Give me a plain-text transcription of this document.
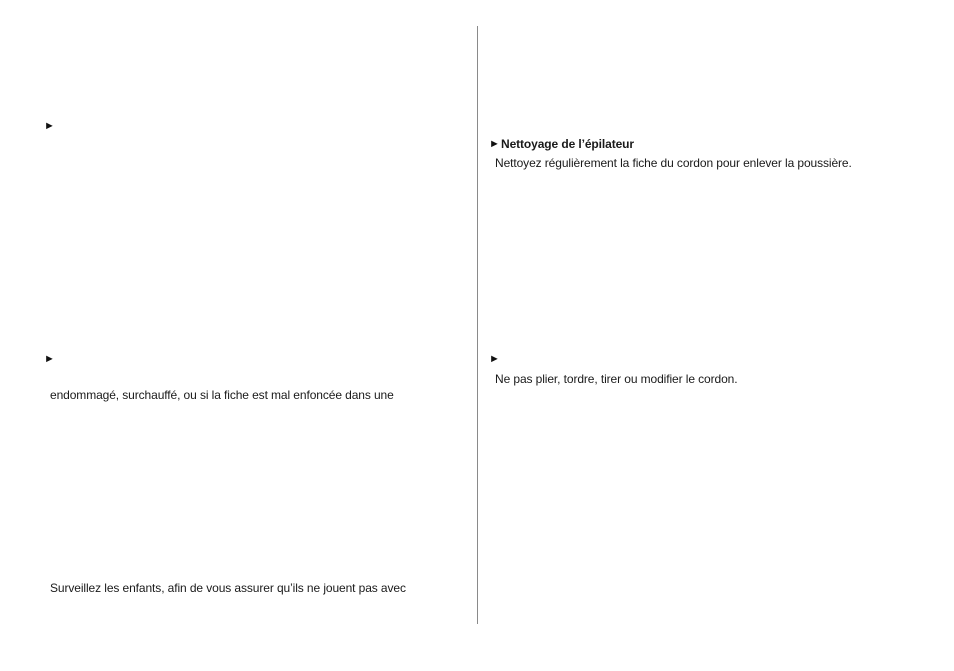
►
►
endommagé, surchauffé, ou si la fiche est mal enfoncée dans une
Surveillez les enfants, afin de vous assurer qu’ils ne jouent pas avec
► Nettoyage de l’épilateur
Nettoyez régulièrement la fiche du cordon pour enlever la poussière.
►
Ne pas plier, tordre, tirer ou modifier le cordon.
